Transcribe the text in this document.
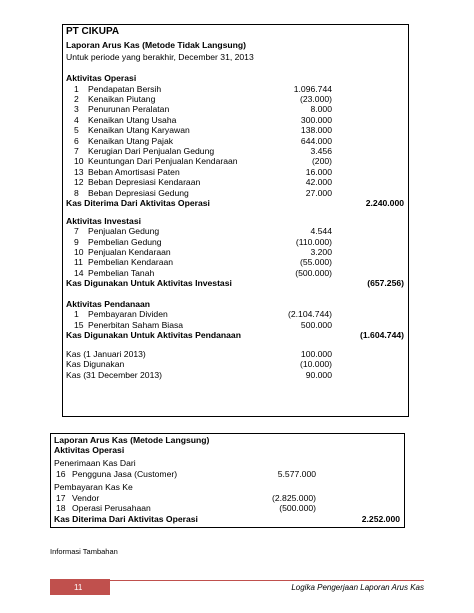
Informasi Tambahan
11	Logika Pengerjaan Laporan Arus Kas
PT CIKUPA
Laporan Arus Kas (Metode Tidak Langsung)
Untuk periode yang berakhir, December 31, 2013
Aktivitas Operasi
1 Pendapatan Bersih	1.096.744
2 Kenaikan Piutang	(23.000)
3 Penurunan Peralatan	8.000
4 Kenaikan Utang Usaha	300.000
5 Kenaikan Utang Karyawan	138.000
6 Kenaikan Utang Pajak	644.000
7 Kerugian Dari Penjualan Gedung	3.456
10 Keuntungan Dari Penjualan Kendaraan	(200)
13 Beban Amortisasi Paten	16.000
12 Beban Depresiasi Kendaraan	42.000
8 Beban Depresiasi Gedung	27.000
Kas Diterima Dari Aktivitas Operasi	2.240.000
Aktivitas Investasi
7 Penjualan Gedung	4.544
9 Pembelian Gedung	(110.000)
10 Penjualan Kendaraan	3.200
11 Pembelian Kendaraan	(55.000)
14 Pembelian Tanah	(500.000)
Kas Digunakan Untuk Aktivitas Investasi	(657.256)
Aktivitas Pendanaan
1 Pembayaran Dividen	(2.104.744)
15 Penerbitan Saham Biasa	500.000
Kas Digunakan Untuk Aktivitas Pendanaan	(1.604.744)
Kas (1 Januari 2013)	100.000
Kas Digunakan	(10.000)
Kas (31 December 2013)	90.000
Laporan Arus Kas (Metode Langsung)
Aktivitas Operasi
Penerimaan Kas Dari
16 Pengguna Jasa (Customer)	5.577.000
Pembayaran Kas Ke
17 Vendor	(2.825.000)
18 Operasi Perusahaan	(500.000)
Kas Diterima Dari Aktivitas Operasi	2.252.000
